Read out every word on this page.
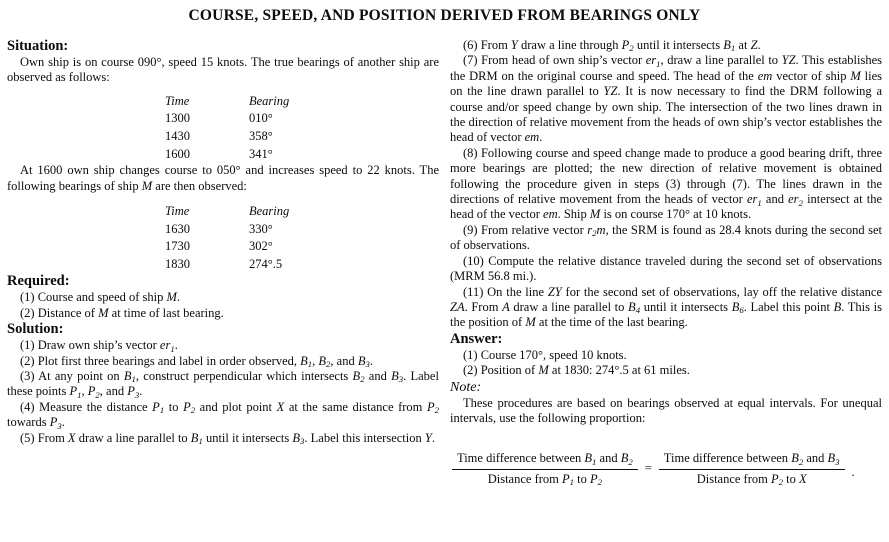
COURSE, SPEED, AND POSITION DERIVED FROM BEARINGS ONLY
Situation:

Own ship is on course 090°, speed 15 knots. The true bearings of another ship are observed as follows:

Time	Bearing
1300	010°
1430	358°
1600	341°

At 1600 own ship changes course to 050° and increases speed to 22 knots. The following bearings of ship M are then observed:

Time	Bearing
1630	330°
1730	302°
1830	274°.5
Required:

(1) Course and speed of ship M.

(2) Distance of M at time of last bearing.

Solution:

(1) Draw own ship’s vector $er_1$.

(2) Plot first three bearings and label in order observed, $B_1$, $B_2$, and $B_3$.

(3) At any point on $B_1$, construct perpendicular which intersects $B_2$ and $B_3$. Label these points $P_1$, $P_2$, and $P_3$.

(4) Measure the distance $P_1$ to $P_2$ and plot point X at the same distance from $P_2$ towards $P_3$.

(5) From X draw a line parallel to $B_1$ until it intersects $B_3$. Label this intersection Y.

(6) From Y draw a line through $P_2$ until it intersects $B_1$ at Z.

(7) From head of own ship’s vector $er_1$, draw a line parallel to YZ. This establishes the DRM on the original course and speed. The head of the em vector of ship M lies on the line drawn parallel to YZ. It is now necessary to find the DRM following a course and/or speed change by own ship. The intersection of the two lines drawn in the direction of relative movement from the heads of own ship’s vector establishes the head of vector em.

(8) Following course and speed change made to produce a good bearing drift, three more bearings are plotted; the new direction of relative movement is obtained following the procedure given in steps (3) through (7). The lines drawn in the directions of relative movement from the heads of vector $er_1$ and $er_2$ intersect at the head of the vector em. Ship M is on course 170° at 10 knots.

(9) From relative vector $r_2m$, the SRM is found as 28.4 knots during the second set of observations.

(10) Compute the relative distance traveled during the second set of observations (MRM 56.8 mi.).

(11) On the line ZY for the second set of observations, lay off the relative distance ZA. From A draw a line parallel to $B_4$ until it intersects $B_6$. Label this point B. This is the position of M at the time of the last bearing.

Answer:

(1) Course 170°, speed 10 knots.

(2) Position of M at 1830: 274°.5 at 61 miles.

Note:

These procedures are based on bearings observed at equal intervals. For unequal intervals, use the following proportion:

$\frac{Time difference between B_1 and B_2}{Distance from P_1 to P_2} = \frac{Time difference between B_2 and B_3}{Distance from P_2 to X}$ .
